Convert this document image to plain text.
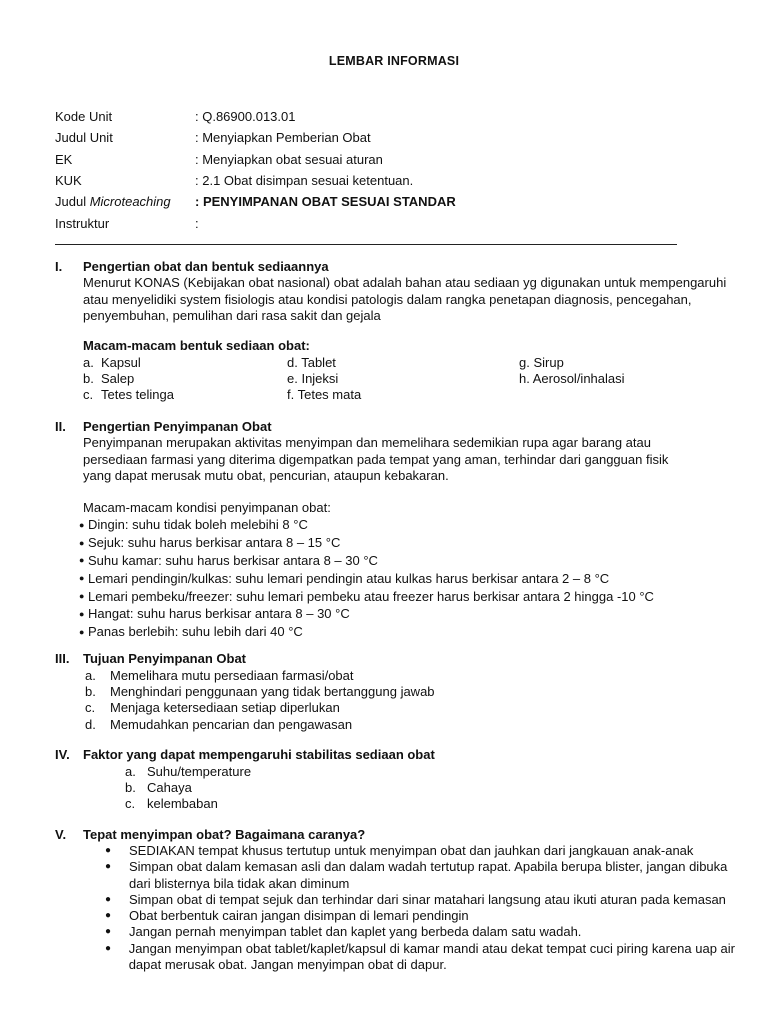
LEMBAR INFORMASI
Kode Unit	: Q.86900.013.01
Judul Unit	: Menyiapkan Pemberian Obat
EK	: Menyiapkan obat sesuai aturan
KUK	: 2.1 Obat disimpan sesuai ketentuan.
Judul Microteaching	: PENYIMPANAN OBAT SESUAI STANDAR
Instruktur	:
I.	Pengertian obat dan bentuk sediaannya
Menurut KONAS (Kebijakan obat nasional) obat adalah bahan atau sediaan yg digunakan untuk mempengaruhi
atau menyelidiki system fisiologis atau kondisi patologis dalam rangka penetapan diagnosis, pencegahan,
penyembuhan, pemulihan dari rasa sakit dan gejala
Macam-macam bentuk sediaan obat:
a. Kapsul	d. Tablet	g. Sirup
b. Salep	e. Injeksi	h. Aerosol/inhalasi
c. Tetes telinga	f. Tetes mata
II.	Pengertian Penyimpanan Obat
Penyimpanan merupakan aktivitas menyimpan dan memelihara sedemikian rupa agar barang atau
persediaan farmasi yang diterima digempatkan pada tempat yang aman, terhindar dari gangguan fisik
yang dapat merusak mutu obat, pencurian, ataupun kebakaran.
Macam-macam kondisi penyimpanan obat:
● Dingin: suhu tidak boleh melebihi 8 °C
● Sejuk: suhu harus berkisar antara 8 – 15 °C
● Suhu kamar: suhu harus berkisar antara 8 – 30 °C
● Lemari pendingin/kulkas: suhu lemari pendingin atau kulkas harus berkisar antara 2 – 8 °C
● Lemari pembeku/freezer: suhu lemari pembeku atau freezer harus berkisar antara 2 hingga -10 °C
● Hangat: suhu harus berkisar antara 8 – 30 °C
● Panas berlebih: suhu lebih dari 40 °C
III.	Tujuan Penyimpanan Obat
a.	Memelihara mutu persediaan farmasi/obat
b.	Menghindari penggunaan yang tidak bertanggung jawab
c.	Menjaga ketersediaan setiap diperlukan
d.	Memudahkan pencarian dan pengawasan
IV.	Faktor yang dapat mempengaruhi stabilitas sediaan obat
a. Suhu/temperature
b. Cahaya
c. kelembaban
V.	Tepat menyimpan obat? Bagaimana caranya?
●	SEDIAKAN tempat khusus tertutup untuk menyimpan obat dan jauhkan dari jangkauan anak-anak
●	Simpan obat dalam kemasan asli dan dalam wadah tertutup rapat. Apabila berupa blister, jangan dibuka
dari blisternya bila tidak akan diminum
●	Simpan obat di tempat sejuk dan terhindar dari sinar matahari langsung atau ikuti aturan pada kemasan
●	Obat berbentuk cairan jangan disimpan di lemari pendingin
●	Jangan pernah menyimpan tablet dan kaplet yang berbeda dalam satu wadah.
●	Jangan menyimpan obat tablet/kaplet/kapsul di kamar mandi atau dekat tempat cuci piring karena uap air
dapat merusak obat. Jangan menyimpan obat di dapur.
